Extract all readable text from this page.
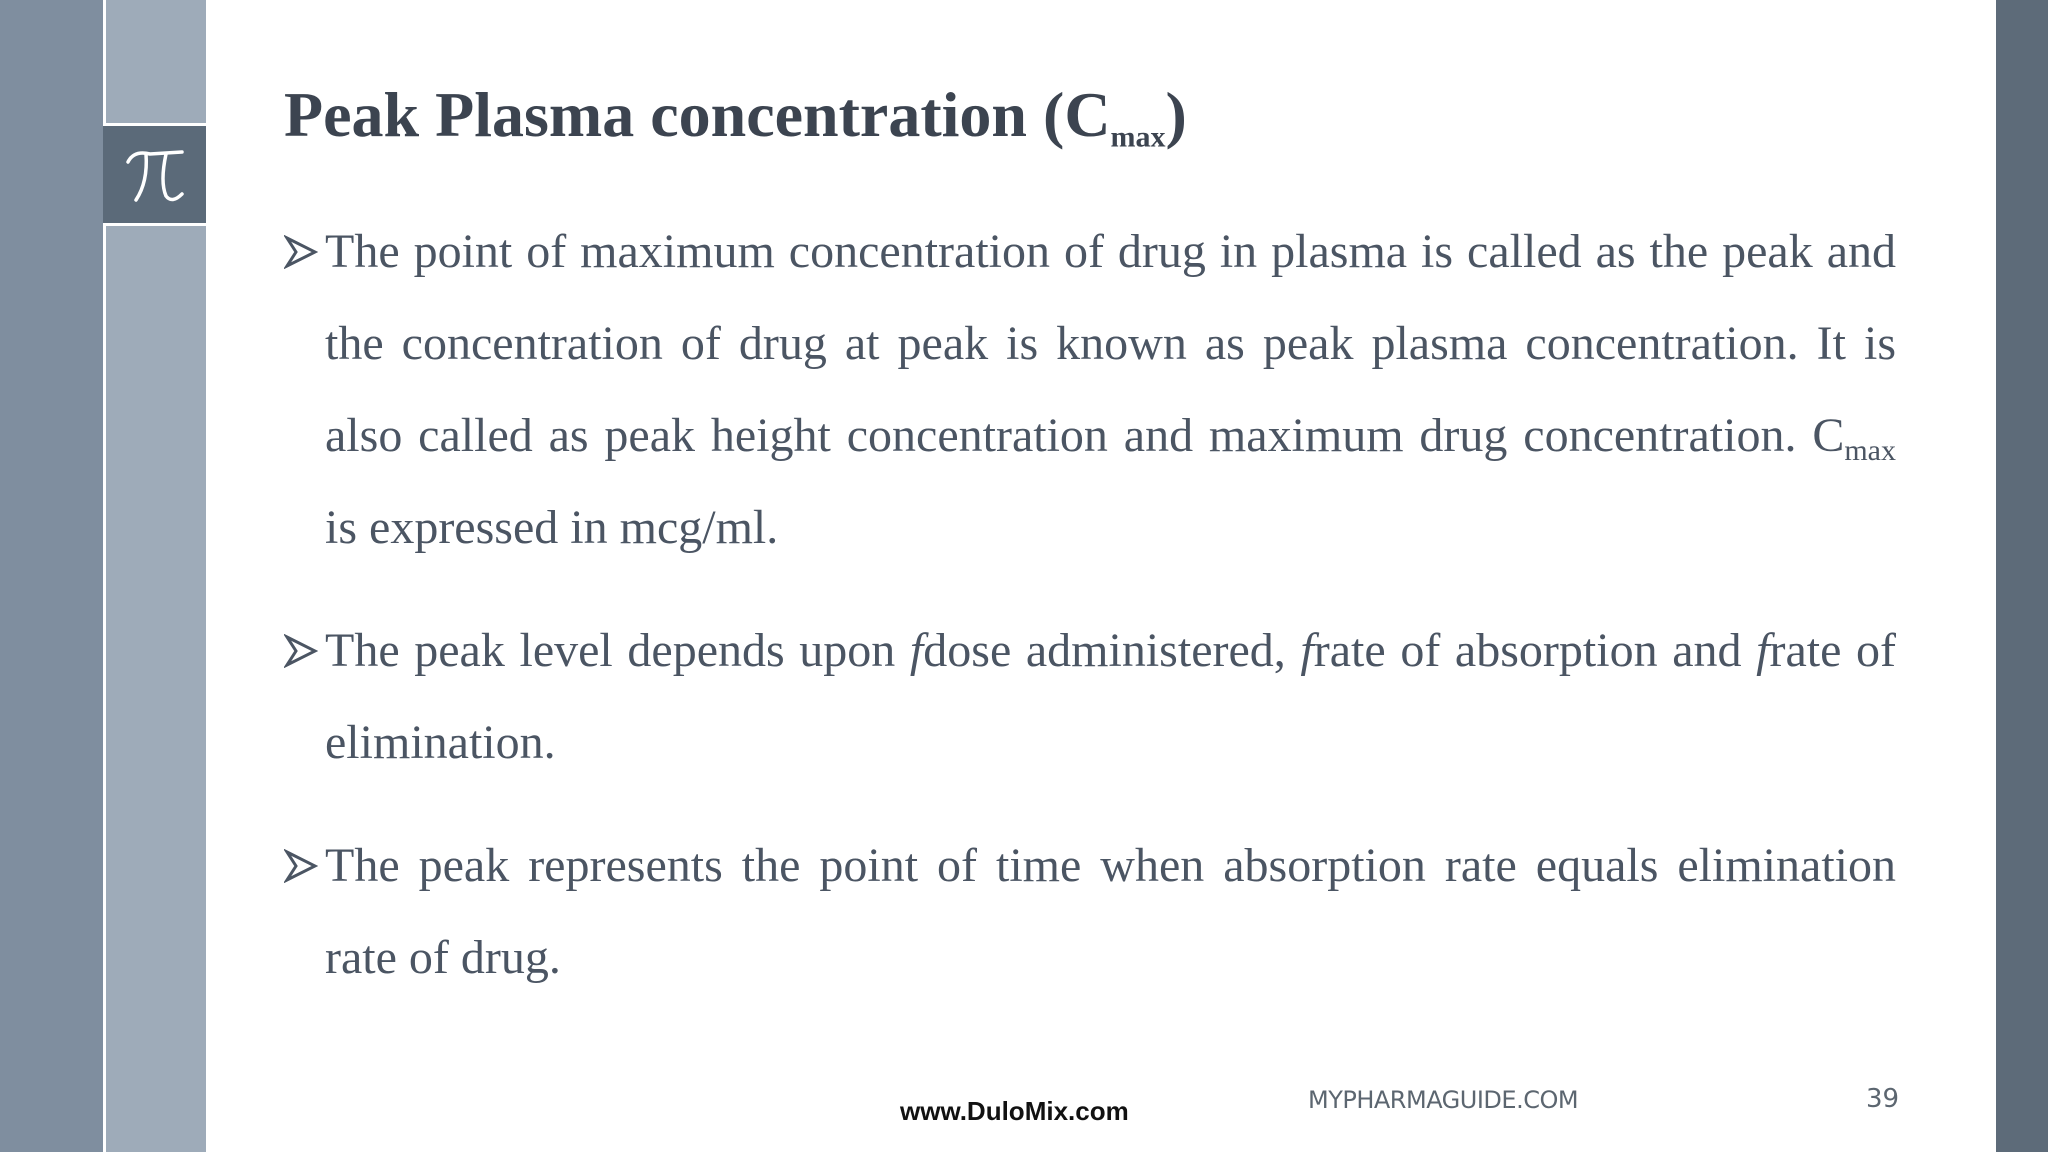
Peak Plasma concentration $(C_{max})$
The point of maximum concentration of drug in plasma is called as the peak and the concentration of drug at peak is known as peak plasma concentration. It is also called as peak height concentration and maximum drug concentration. $C_{max}$ is expressed in mcg/ml.
The peak level depends upon fdose administered, frate of absorption and frate of elimination.
The peak represents the point of time when absorption rate equals elimination rate of drug.
www.DuloMix.com	MYPHARMAGUIDE.COM	39
